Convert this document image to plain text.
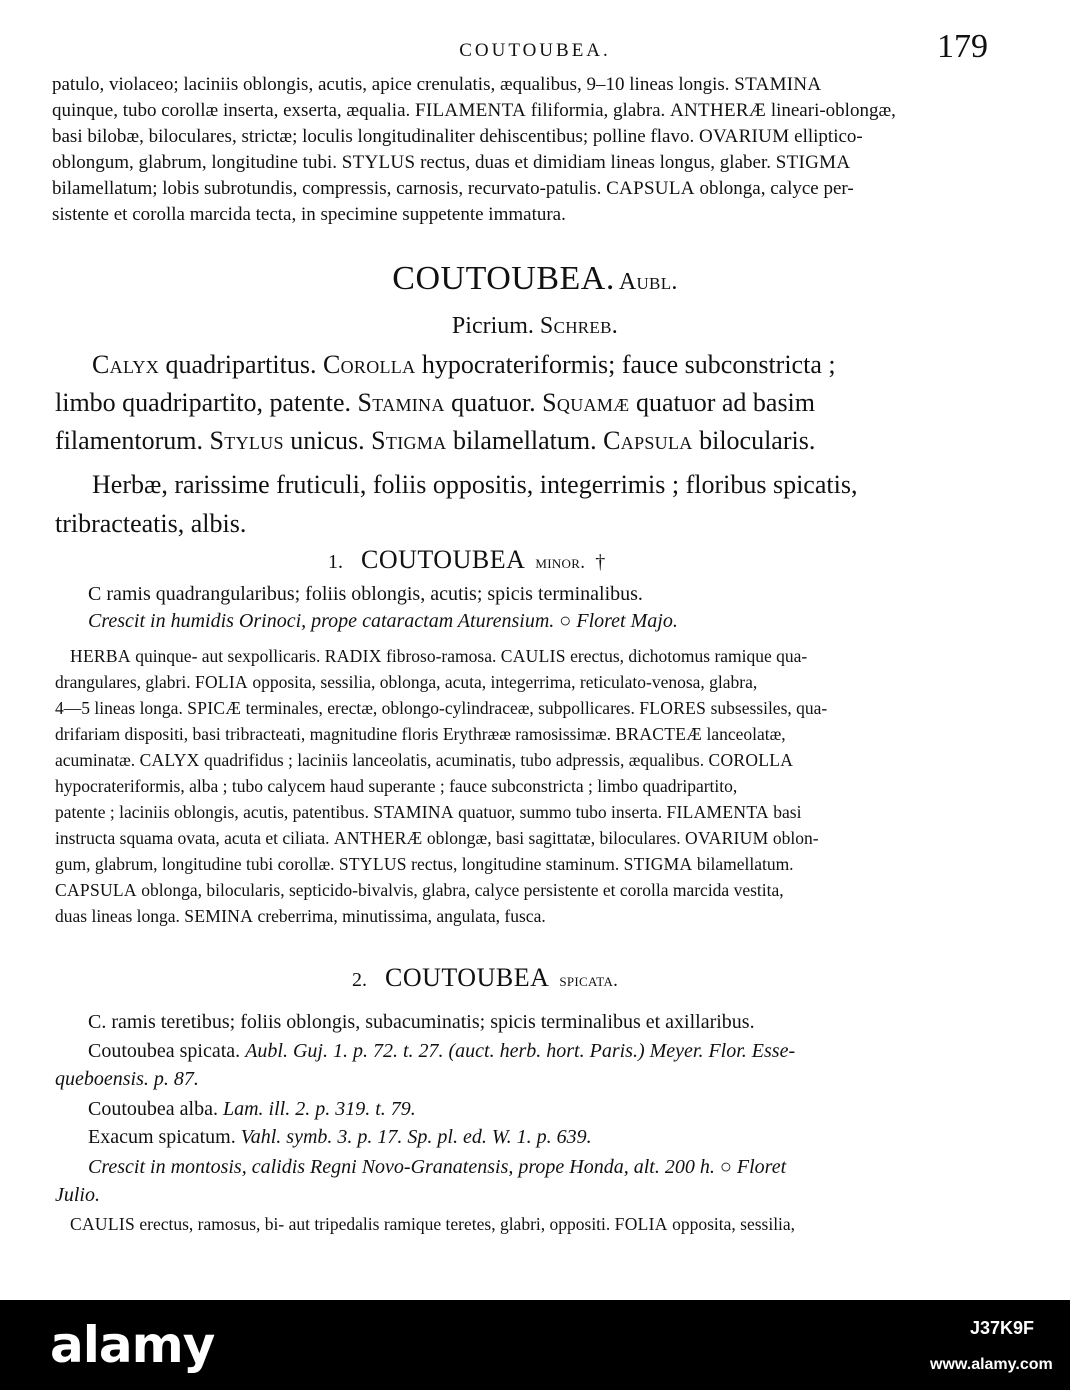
COUTOUBEA.	179
patulo, violaceo; laciniis oblongis, acutis, apice crenulatis, æqualibus, 9–10 lineas longis. STAMINA
quinque, tubo corollæ inserta, exserta, æqualia. FILAMENTA filiformia, glabra. ANTHERÆ lineari-oblongæ,
basi bilobæ, biloculares, strictæ; loculis longitudinaliter dehiscentibus; polline flavo. OVARIUM elliptico-
oblongum, glabrum, longitudine tubi. STYLUS rectus, duas et dimidiam lineas longus, glaber. STIGMA
bilamellatum; lobis subrotundis, compressis, carnosis, recurvato-patulis. CAPSULA oblonga, calyce per-
sistente et corolla marcida tecta, in specimine suppetente immatura.
COUTOUBEA. Aubl.
Picrium. Schreb.
Calyx quadripartitus. Corolla hypocrateriformis; fauce subconstricta ;
limbo quadripartito, patente. Stamina quatuor. Squamæ quatuor ad basim
filamentorum. Stylus unicus. Stigma bilamellatum. Capsula bilocularis.
Herbæ, rarissime fruticuli, foliis oppositis, integerrimis ; floribus spicatis,
tribracteatis, albis.
1. COUTOUBEA minor. †
C ramis quadrangularibus; foliis oblongis, acutis; spicis terminalibus.
Crescit in humidis Orinoci, prope cataractam Aturensium. ○ Floret Majo.
HERBA quinque- aut sexpollicaris. RADIX fibroso-ramosa. CAULIS erectus, dichotomus ramique qua-
drangulares, glabri. FOLIA opposita, sessilia, oblonga, acuta, integerrima, reticulato-venosa, glabra,
4—5 lineas longa. SPICÆ terminales, erectæ, oblongo-cylindraceæ, subpollicares. FLORES subsessiles, qua-
drifariam dispositi, basi tribracteati, magnitudine floris Erythrææ ramosissimæ. BRACTEÆ lanceolatæ,
acuminatæ. CALYX quadrifidus ; laciniis lanceolatis, acuminatis, tubo adpressis, æqualibus. COROLLA
hypocrateriformis, alba ; tubo calycem haud superante ; fauce subconstricta ; limbo quadripartito,
patente ; laciniis oblongis, acutis, patentibus. STAMINA quatuor, summo tubo inserta. FILAMENTA basi
instructa squama ovata, acuta et ciliata. ANTHERÆ oblongæ, basi sagittatæ, biloculares. OVARIUM oblon-
gum, glabrum, longitudine tubi corollæ. STYLUS rectus, longitudine staminum. STIGMA bilamellatum.
CAPSULA oblonga, bilocularis, septicido-bivalvis, glabra, calyce persistente et corolla marcida vestita,
duas lineas longa. SEMINA creberrima, minutissima, angulata, fusca.
2. COUTOUBEA spicata.
C. ramis teretibus; foliis oblongis, subacuminatis; spicis terminalibus et axillaribus.
Coutoubea spicata. Aubl. Guj. 1. p. 72. t. 27. (auct. herb. hort. Paris.) Meyer. Flor. Esse-
queboensis. p. 87.
Coutoubea alba. Lam. ill. 2. p. 319. t. 79.
Exacum spicatum. Vahl. symb. 3. p. 17. Sp. pl. ed. W. 1. p. 639.
Crescit in montosis, calidis Regni Novo-Granatensis, prope Honda, alt. 200 h. ○ Floret
Julio.
CAULIS erectus, ramosus, bi- aut tripedalis ramique teretes, glabri, oppositi. FOLIA opposita, sessilia,
alamy	J37K9F
www.alamy.com
